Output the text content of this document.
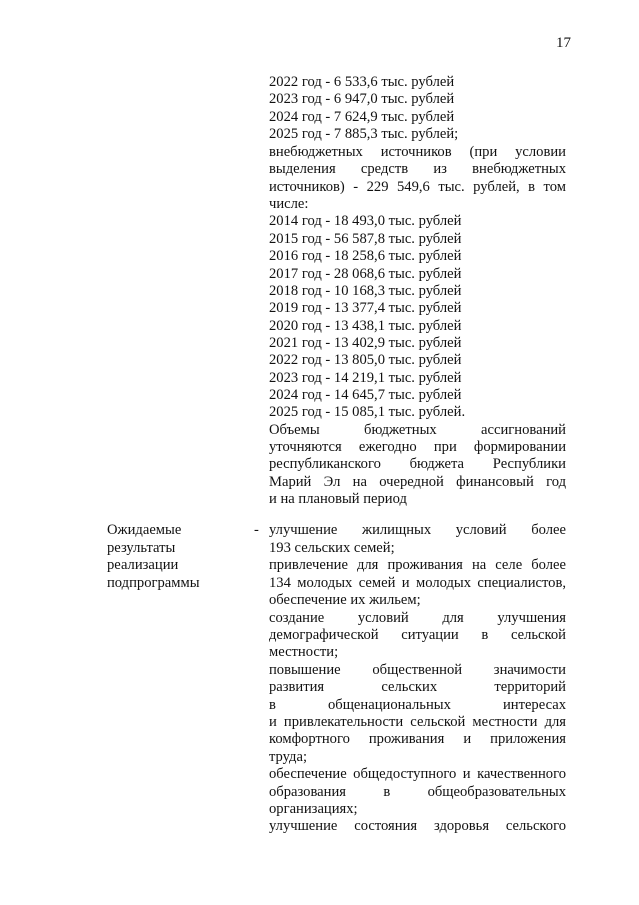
17

2022 год - 6 533,6 тыс. рублей

2023 год - 6 947,0 тыс. рублей

2024 год - 7 624,9 тыс. рублей

2025 год - 7 885,3 тыс. рублей;

внебюджетных источников (при условии

выделения средств из внебюджетных

источников) - 229 549,6 тыс. рублей, в том

числе:

2014 год - 18 493,0 тыс. рублей

2015 год - 56 587,8 тыс. рублей

2016 год - 18 258,6 тыс. рублей

2017 год - 28 068,6 тыс. рублей

2018 год - 10 168,3 тыс. рублей

2019 год - 13 377,4 тыс. рублей

2020 год - 13 438,1 тыс. рублей

2021 год - 13 402,9 тыс. рублей

2022 год - 13 805,0 тыс. рублей

2023 год - 14 219,1 тыс. рублей

2024 год - 14 645,7 тыс. рублей

2025 год - 15 085,1 тыс. рублей.

Объемы бюджетных ассигнований

уточняются ежегодно при формировании

республиканского бюджета Республики

Марий Эл на очередной финансовый год

и на плановый период

Ожидаемые

результаты

реализации

подпрограммы

- улучшение жилищных условий более

193 сельских семей;

привлечение для проживания на селе более

134 молодых семей и молодых специалистов,

обеспечение их жильем;

создание условий для улучшения

демографической ситуации в сельской

местности;

повышение общественной значимости

развития сельских территорий

в общенациональных интересах

и привлекательности сельской местности для

комфортного проживания и приложения

труда;

обеспечение общедоступного и качественного

образования в общеобразовательных

организациях;

улучшение состояния здоровья сельского
